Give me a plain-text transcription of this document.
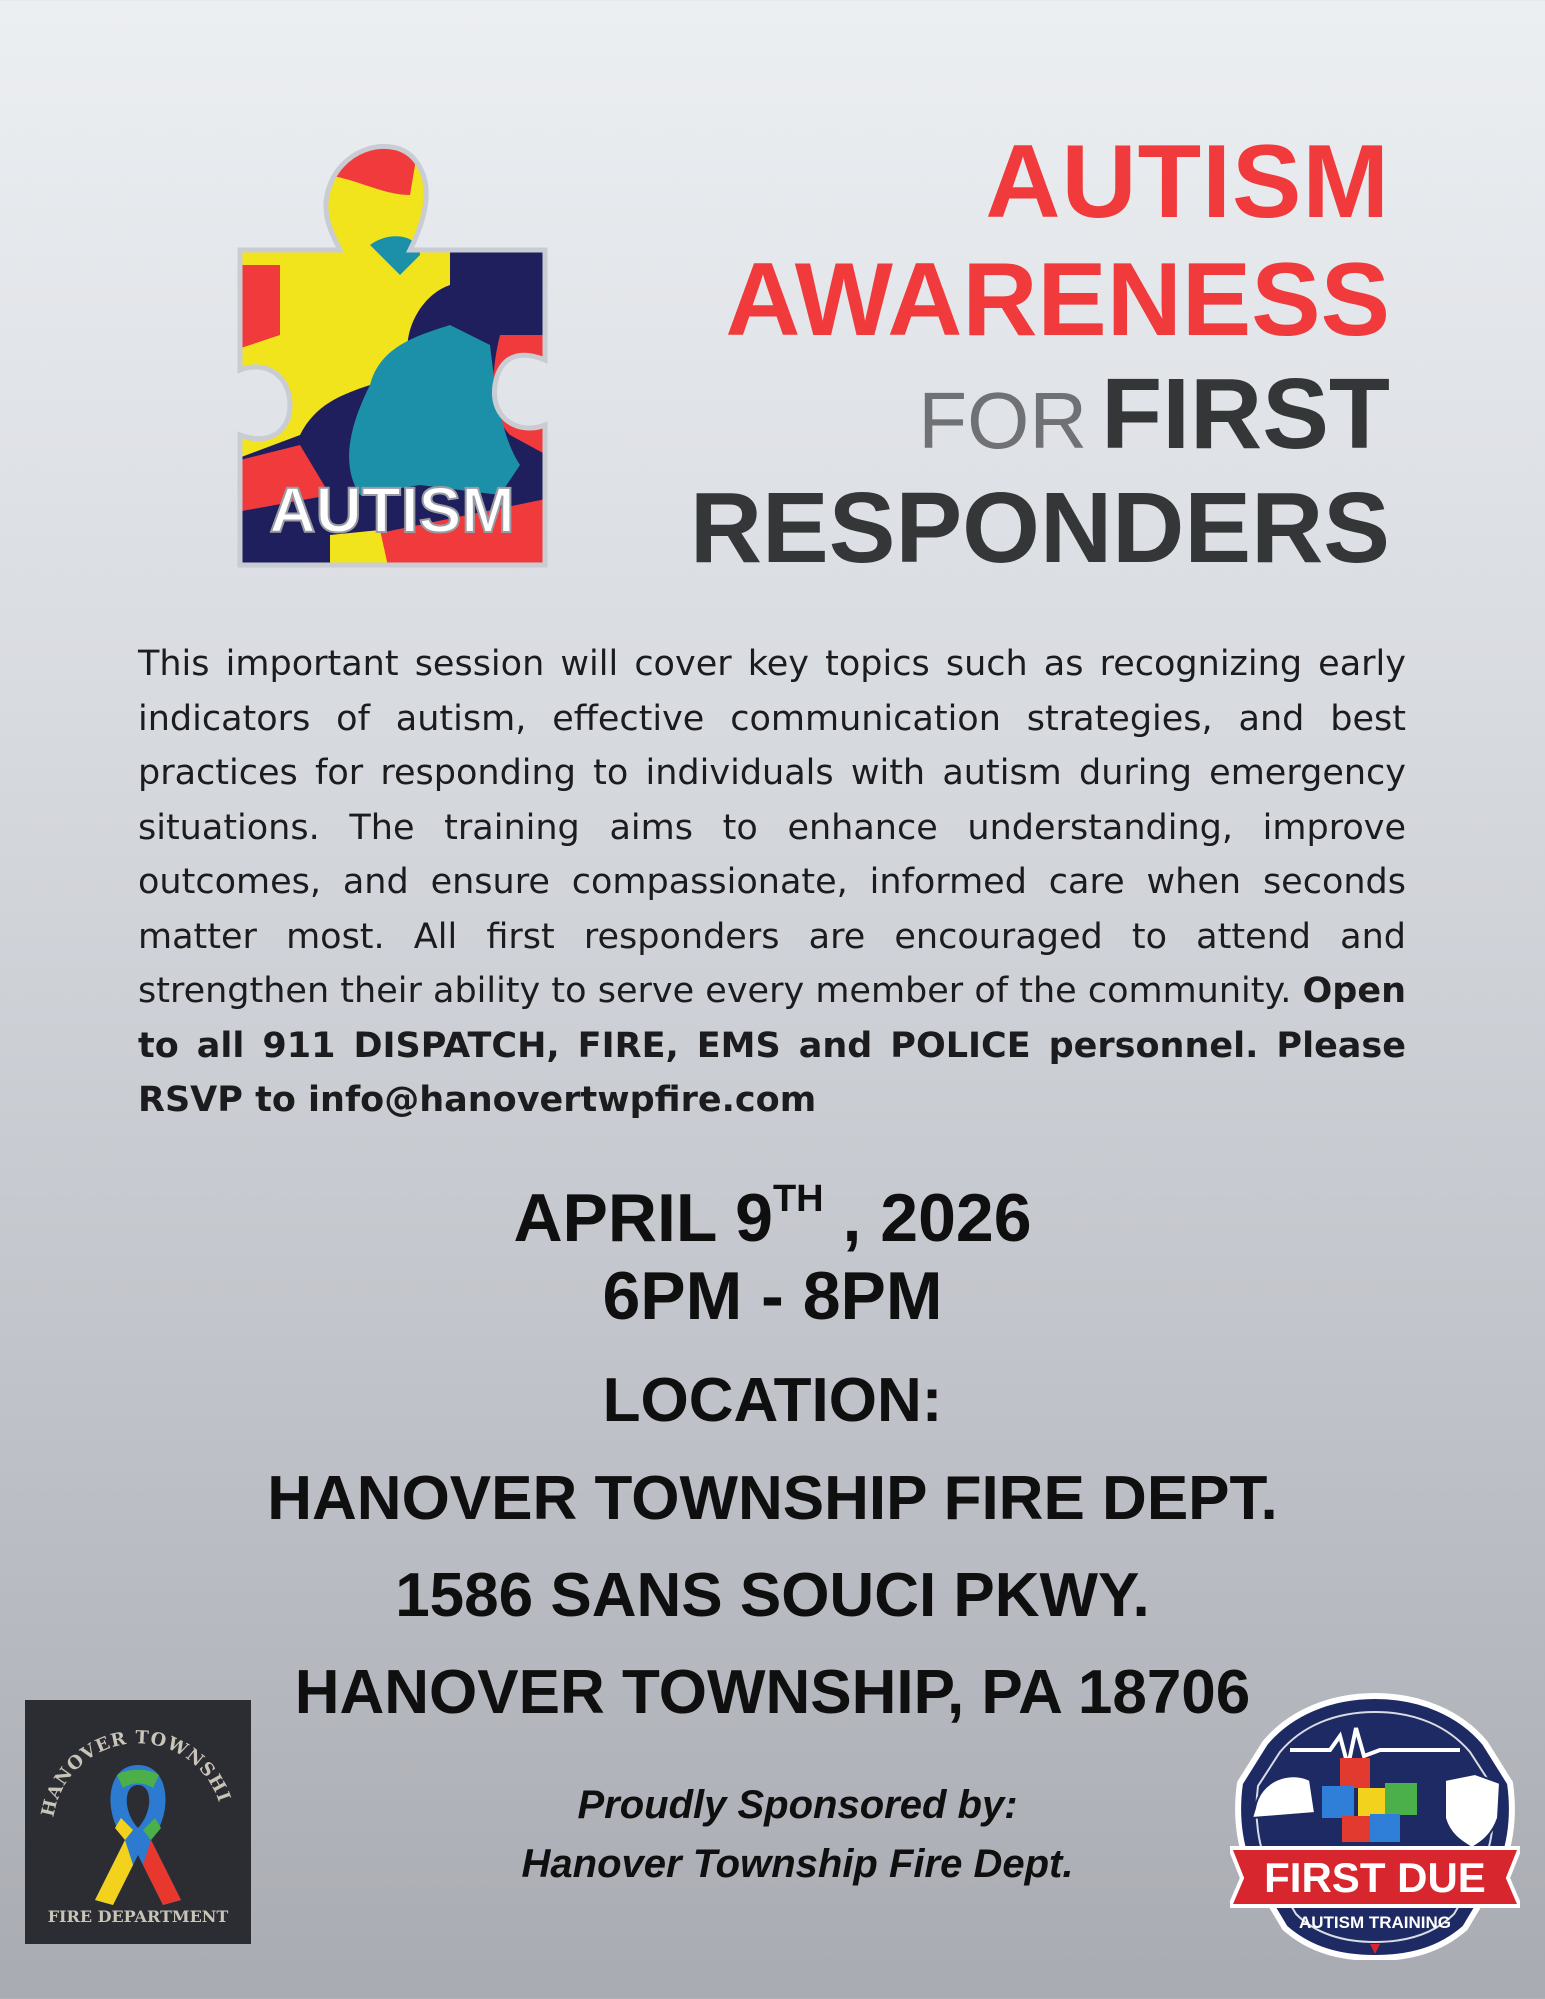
AUTISM
AUTISM
AWARENESS
FOR FIRST
RESPONDERS
This important session will cover key topics such as recognizing early indicators of autism, effective communication strategies, and best practices for responding to individuals with autism during emergency situations. The training aims to enhance understanding, improve outcomes, and ensure compassionate, informed care when seconds matter most. All first responders are encouraged to attend and strengthen their ability to serve every member of the community. Open to all 911 DISPATCH, FIRE, EMS and POLICE personnel. Please RSVP to info@hanovertwpfire.com
APRIL 9TH , 2026
6PM - 8PM
LOCATION:
HANOVER TOWNSHIP FIRE DEPT.
1586 SANS SOUCI PKWY.
HANOVER TOWNSHIP, PA 18706
Proudly Sponsored by:
Hanover Township Fire Dept.
HANOVER TOWNSHI
FIRE DEPARTMENT
FIRST DUE
AUTISM TRAINING
